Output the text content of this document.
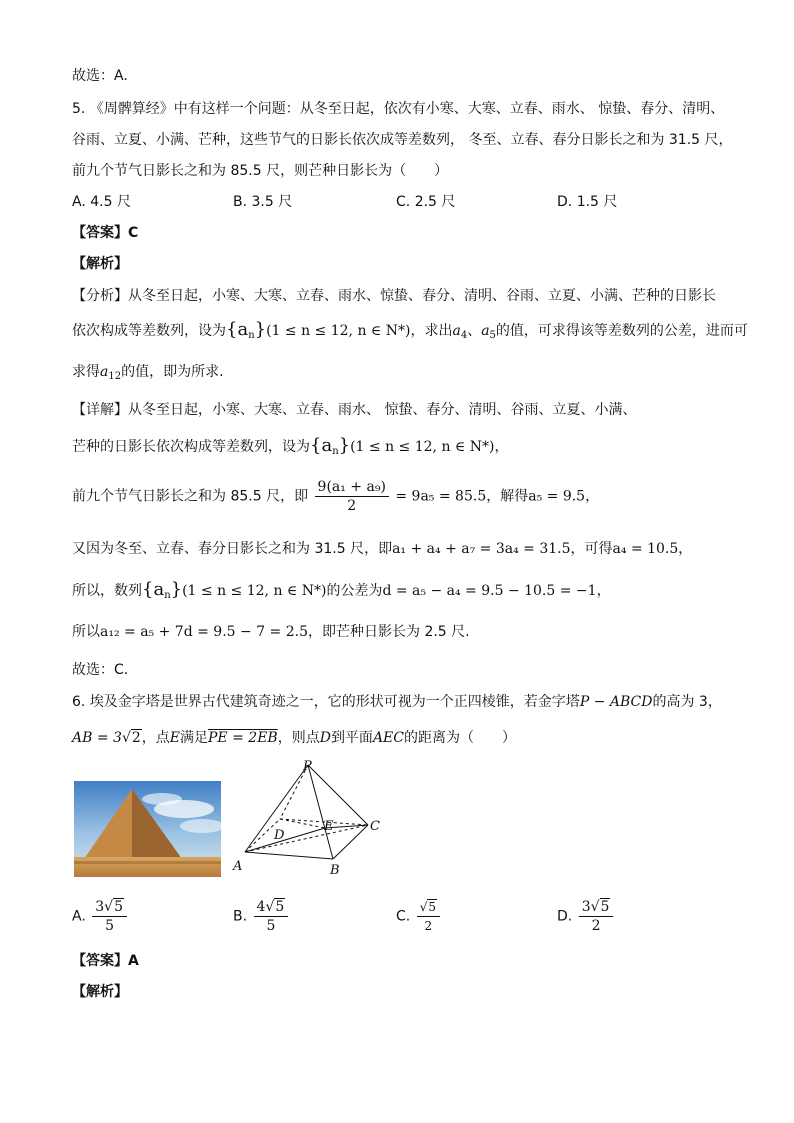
故选：A.
5. 《周髀算经》中有这样一个问题：从冬至日起，依次有小寒、大寒、立春、雨水、 惊蛰、春分、清明、
谷雨、立夏、小满、芒种，这些节气的日影长依次成等差数列， 冬至、立春、春分日影长之和为 31.5 尺，
前九个节气日影长之和为 85.5 尺，则芒种日影长为（　　）
A. 4.5 尺	B. 3.5 尺	C. 2.5 尺	D. 1.5 尺
【答案】C
【解析】
【分析】从冬至日起，小寒、大寒、立春、雨水、惊蛰、春分、清明、谷雨、立夏、小满、芒种的日影长
依次构成等差数列，设为$\{a_n\}(1 \le n \le 12$, n ∈ N*)，求出$a_4$、$a_5$的值，可求得该等差数列的公差，进而可
求得$a_{12}$的值，即为所求.
【详解】从冬至日起，小寒、大寒、立春、雨水、 惊蛰、春分、清明、谷雨、立夏、小满、
芒种的日影长依次构成等差数列，设为$\{a_n\}(1 \le n \le 12$, n ∈ N*)，
前九个节气日影长之和为 85.5 尺，即 $\frac{\text{9(a₁ + a₉)}}{2} = 9a_5 = 85.5$，解得a₅ = 9.5，
又因为冬至、立春、春分日影长之和为 31.5 尺，即a₁ + a₄ + a₇ = 3a₄ = 31.5，可得a₄ = 10.5，
所以，数列$\{a_n\}(1 \le n \le 12$, n ∈ N*)的公差为d = a₅ − a₄ = 9.5 − 10.5 = −1，
所以a₁₂ = a₅ + 7d = 9.5 − 7 = 2.5，即芒种日影长为 2.5 尺.
故选：C.
6. 埃及金字塔是世界古代建筑奇迹之一，它的形状可视为一个正四棱锥，若金字塔P − ABCD的高为 3，
AB = 3√2，点E满足PE = 2EB，则点D到平面AEC的距离为（　　）
P
A	B
C
D
E
A. $\frac{3√5}{5}$	B. $\frac{4√5}{5}$	C. $\frac{√5}{2}$	D. $\frac{3√5}{2}$
【答案】A
【解析】
